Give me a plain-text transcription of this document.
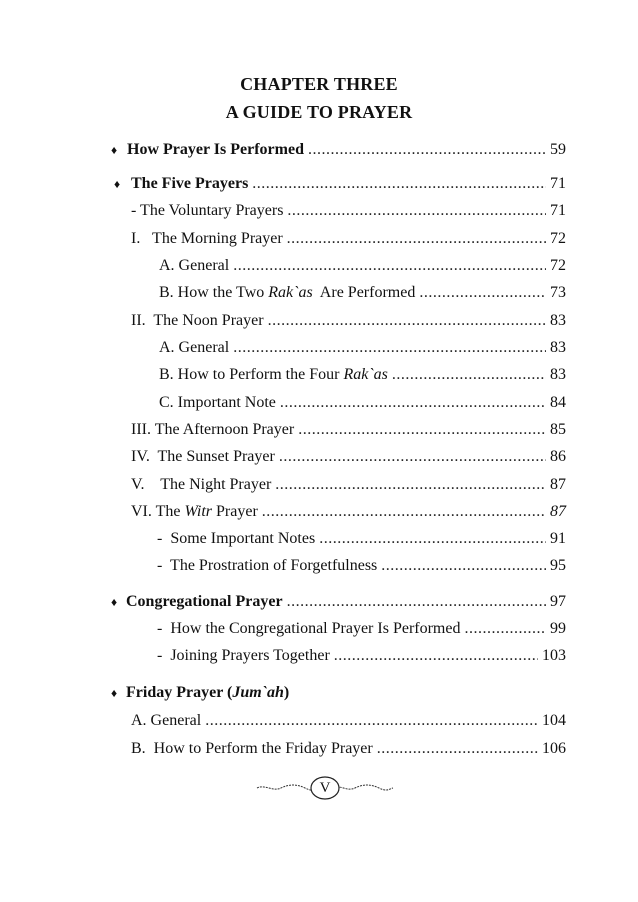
CHAPTER THREE
A GUIDE TO PRAYER
♦ How Prayer Is Performed .....	59
♦ The Five Prayers .....	71
- The Voluntary Prayers .....	71
I.   The Morning Prayer .....	72
A. General .....	72
B. How the Two Rak`as  Are Performed .....	73
II.  The Noon Prayer .....	83
A. General .....	83
B. How to Perform the Four Rak`as .....	83
C. Important Note .....	84
III. The Afternoon Prayer .....	85
IV.  The Sunset Prayer .....	86
V.    The Night Prayer .....	87
VI. The Witr Prayer .....	87
-  Some Important Notes .....	91
-  The Prostration of Forgetfulness .....	95
♦ Congregational Prayer .....	97
-  How the Congregational Prayer Is Performed .....	99
-  Joining Prayers Together .....	103
♦ Friday Prayer (Jum`ah)
A. General .....	104
B.  How to Perform the Friday Prayer .....	106
V
